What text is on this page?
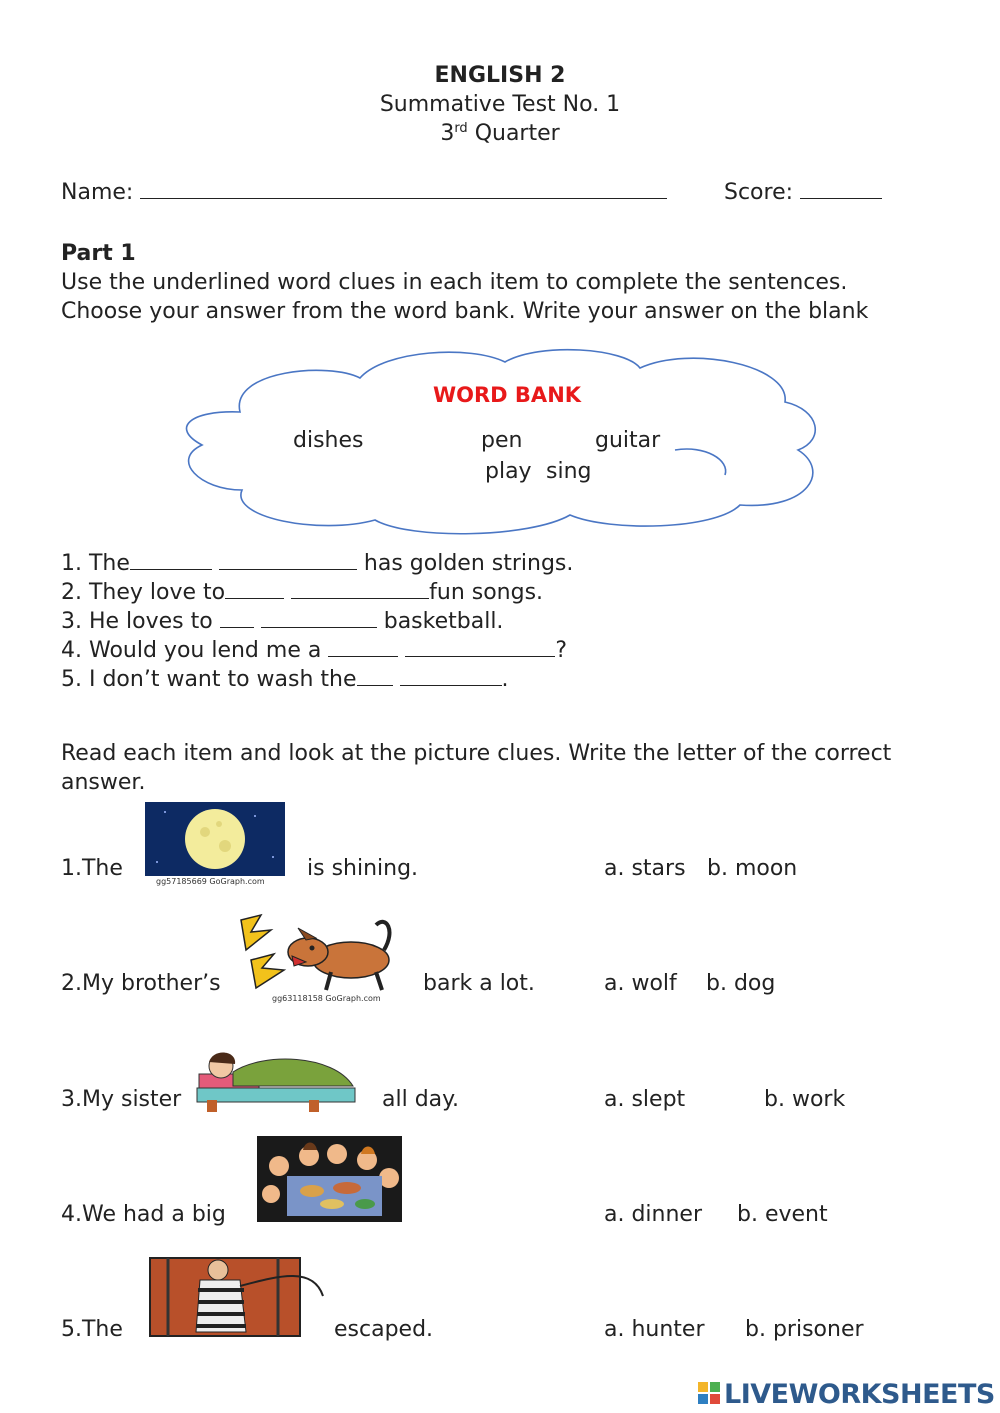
ENGLISH 2
Summative Test No. 1
3rd Quarter
Name:	Score:
Part 1
Use the underlined word clues in each item to complete the sentences.
Choose your answer from the word bank. Write your answer on the blank
WORD BANK
dishes	pen	guitar
play sing
1. The	has golden strings.
2. They love to	fun songs.
3. He loves to	basketball.
4. Would you lend me a	?
5. I don’t want to wash the	.
Read each item and look at the picture clues. Write the letter of the correct
answer.
1.The
gg57185669 GoGraph.com
is shining.	a. stars b. moon
2.My brother’s
gg63118158 GoGraph.com
bark a lot.	a. wolf b. dog
3.My sister	all day.	a. slept	b. work
4.We had a big	a. dinner b. event
5.The	escaped.	a. hunter b. prisoner
LIVEWORKSHEETS
